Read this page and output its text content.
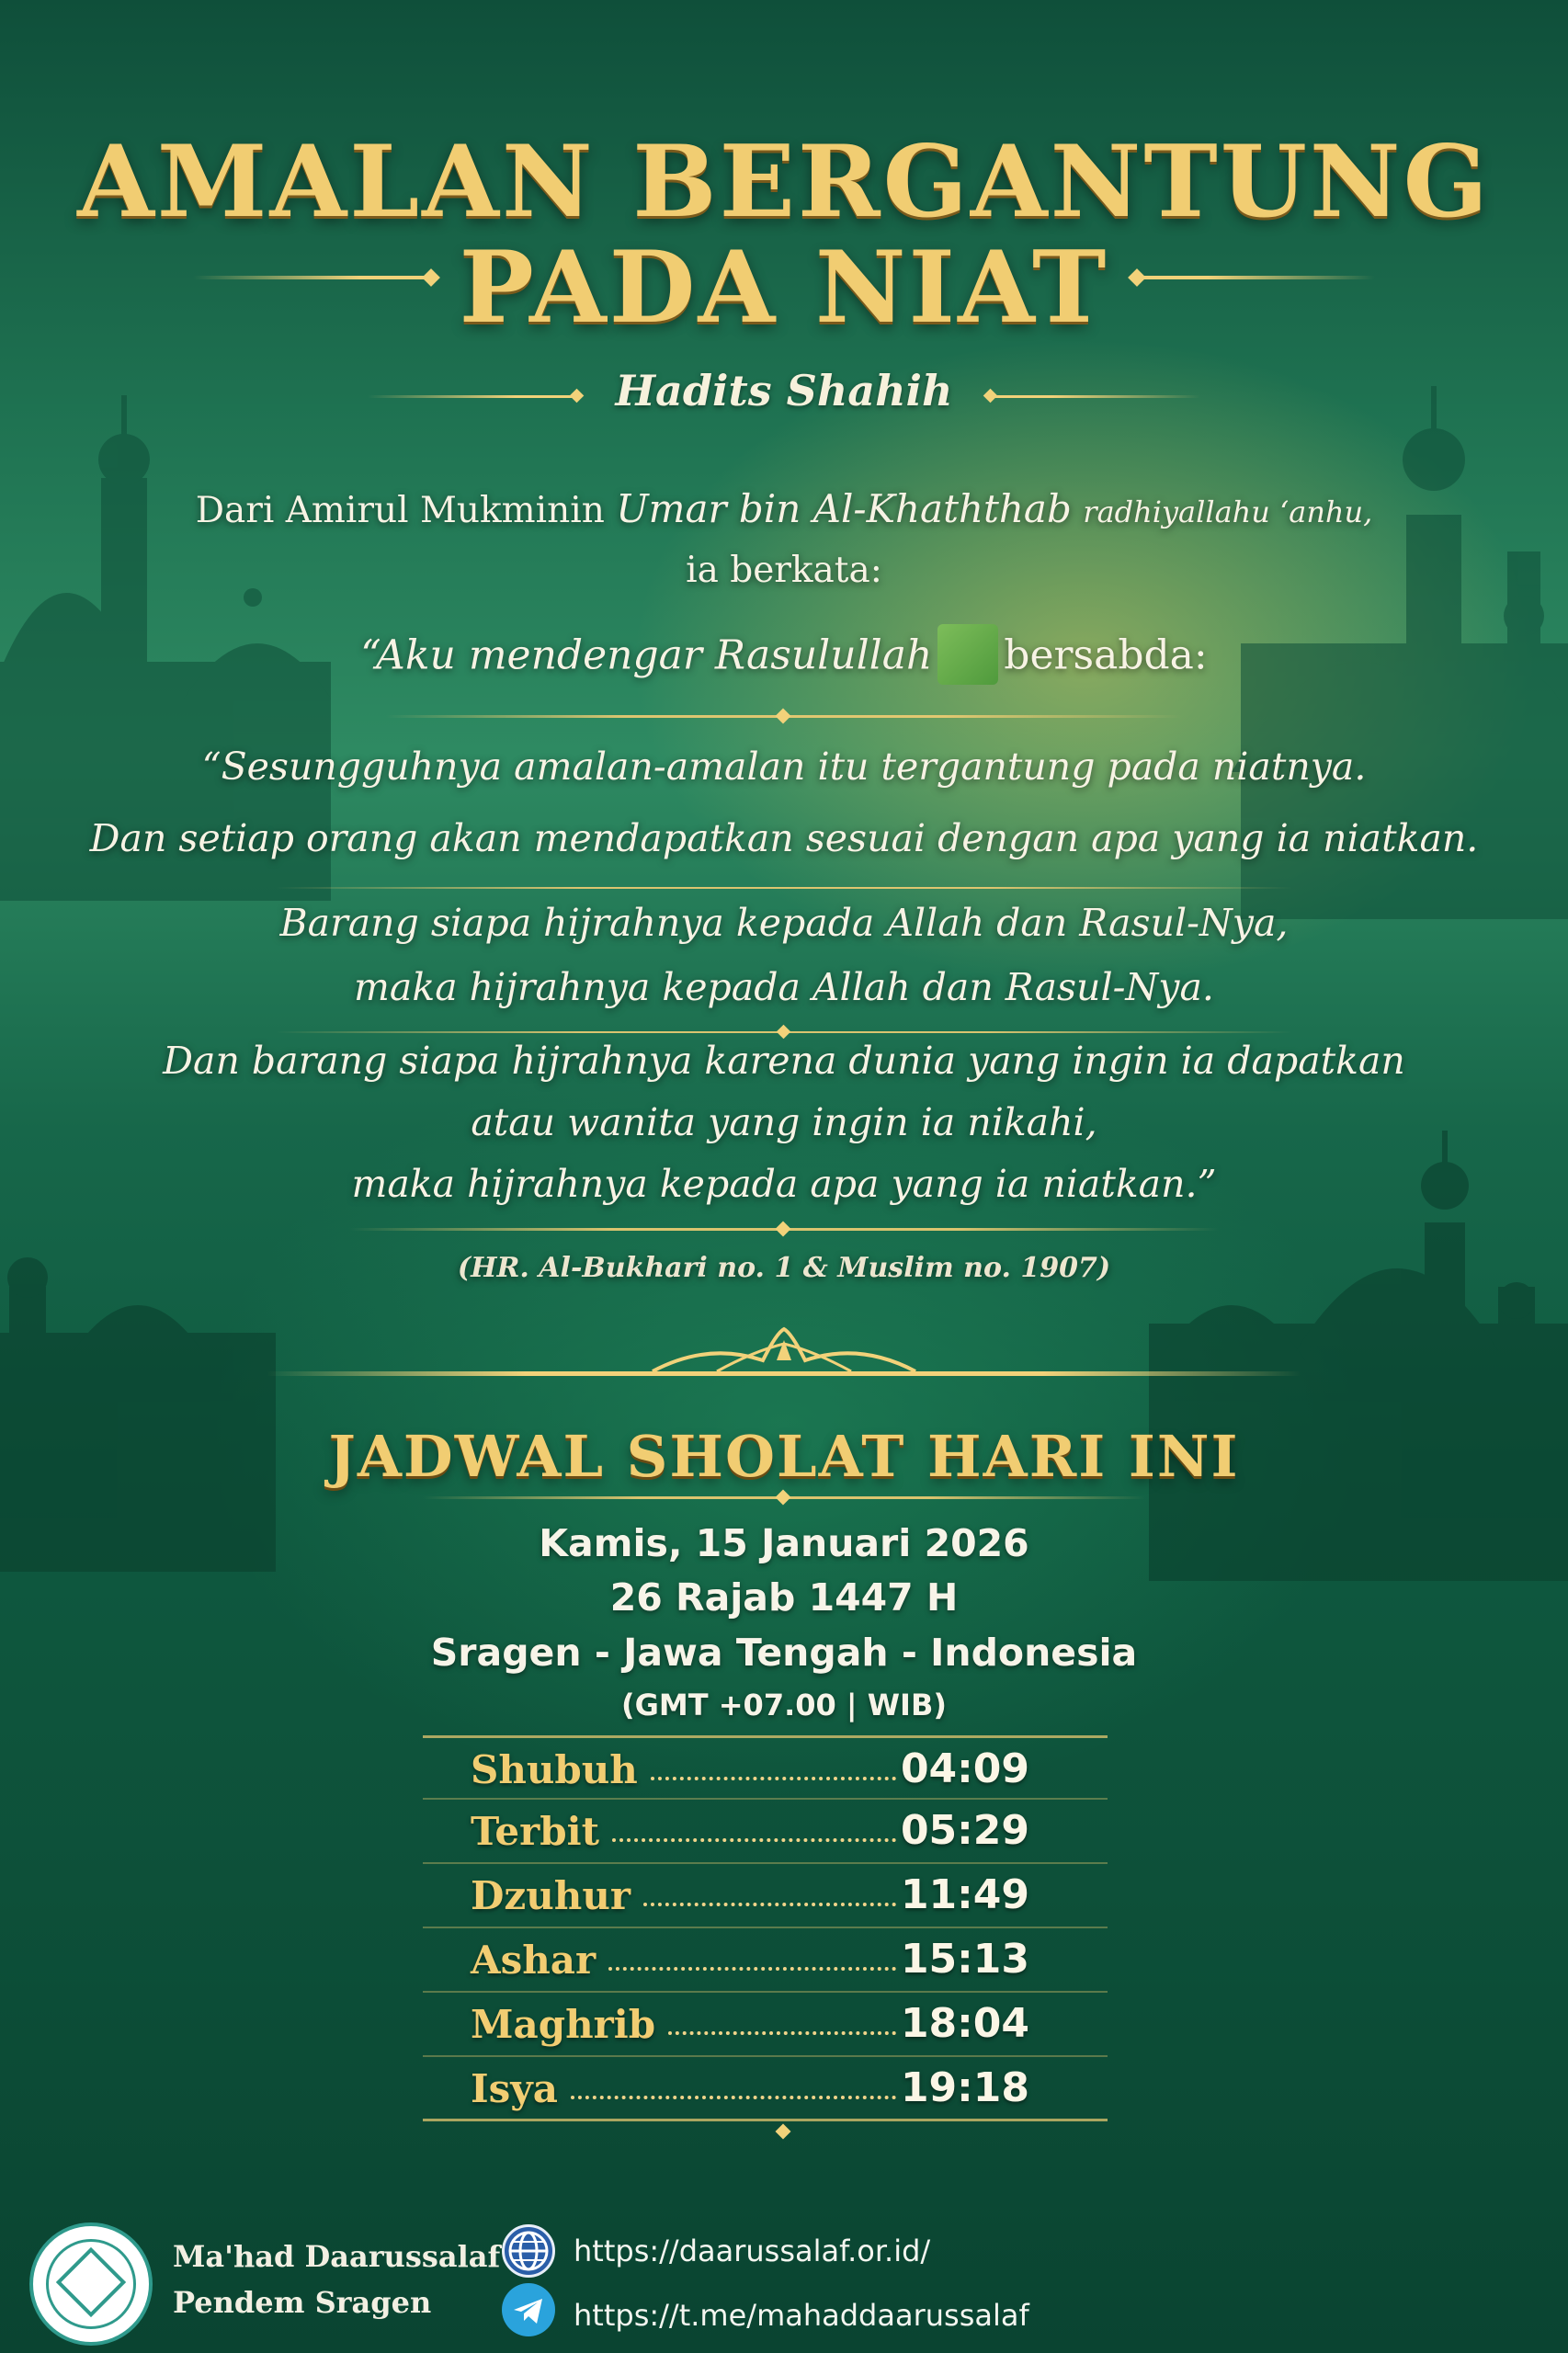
AMALAN BERGANTUNG
PADA NIAT
Hadits Shahih
Dari Amirul Mukminin Umar bin Al-Khaththab radhiyallahu ‘anhu,
ia berkata:
“Aku mendengar Rasulullah bersabda:
“Sesungguhnya amalan-amalan itu tergantung pada niatnya.
Dan setiap orang akan mendapatkan sesuai dengan apa yang ia niatkan.
Barang siapa hijrahnya kepada Allah dan Rasul-Nya,
maka hijrahnya kepada Allah dan Rasul-Nya.
Dan barang siapa hijrahnya karena dunia yang ingin ia dapatkan
atau wanita yang ingin ia nikahi,
maka hijrahnya kepada apa yang ia niatkan.”
(HR. Al-Bukhari no. 1 & Muslim no. 1907)
JADWAL SHOLAT HARI INI
Kamis, 15 Januari 2026
26 Rajab 1447 H
Sragen - Jawa Tengah - Indonesia
(GMT +07.00 | WIB)
Shubuh	04:09
Terbit	05:29
Dzuhur	11:49
Ashar	15:13
Maghrib	18:04
Isya	19:18
Ma'had Daarussalaf
Pendem Sragen
https://daarussalaf.or.id/
https://t.me/mahaddaarussalaf
